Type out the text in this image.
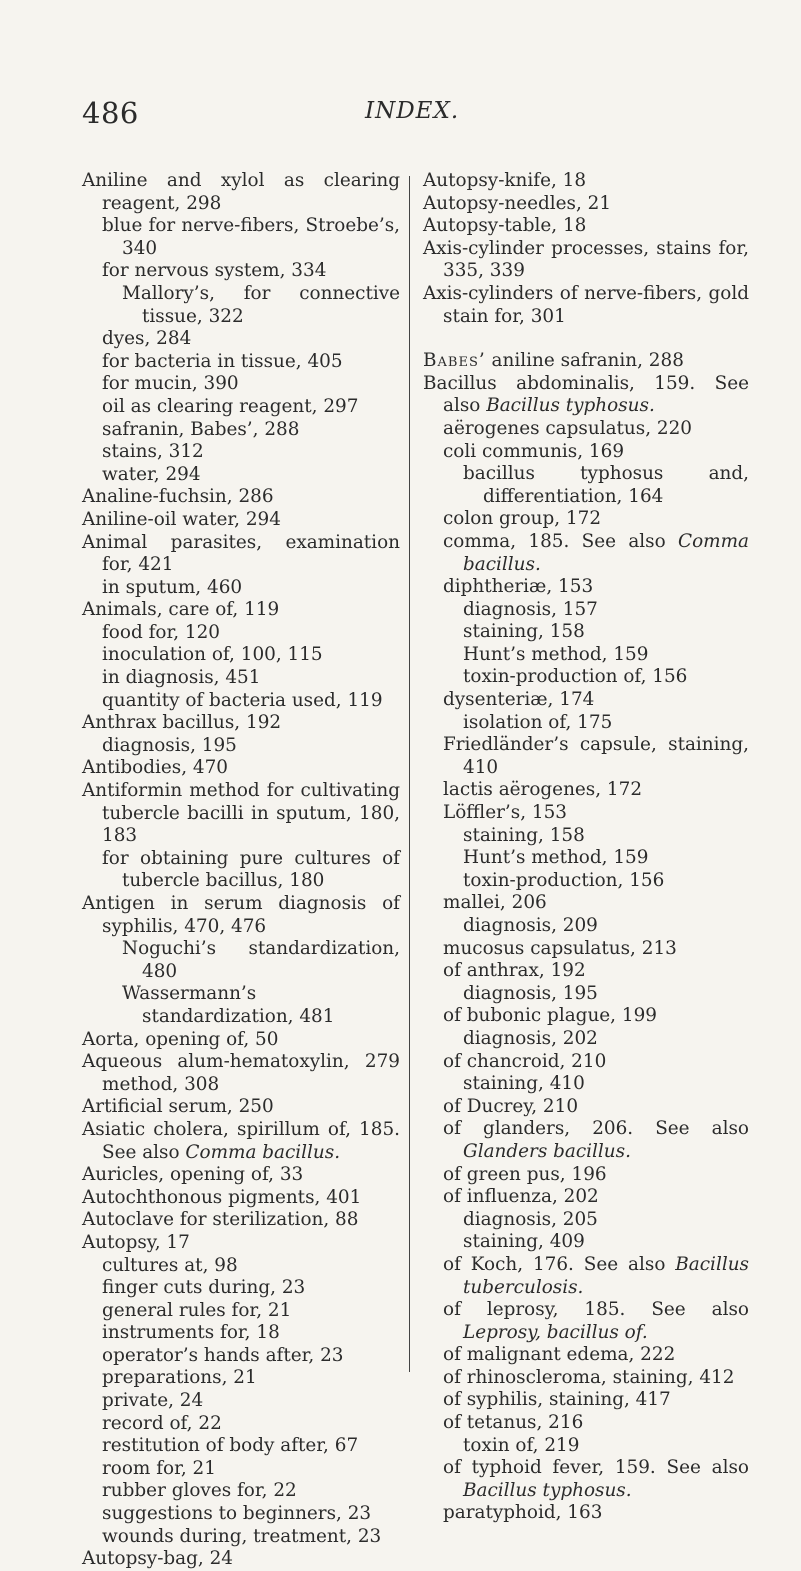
486	INDEX.
Aniline and xylol as clearing reagent, 298
blue for nerve-fibers, Stroebe’s, 340
for nervous system, 334
Mallory’s, for connective tissue, 322
dyes, 284
for bacteria in tissue, 405
for mucin, 390
oil as clearing reagent, 297
safranin, Babes’, 288
stains, 312
water, 294
Analine-fuchsin, 286
Aniline-oil water, 294
Animal parasites, examination for, 421
in sputum, 460
Animals, care of, 119
food for, 120
inoculation of, 100, 115
in diagnosis, 451
quantity of bacteria used, 119
Anthrax bacillus, 192
diagnosis, 195
Antibodies, 470
Antiformin method for cultivating tubercle bacilli in sputum, 180, 183
for obtaining pure cultures of tubercle bacillus, 180
Antigen in serum diagnosis of syphilis, 470, 476
Noguchi’s standardization, 480
Wassermann’s standardization, 481
Aorta, opening of, 50
Aqueous alum-hematoxylin, 279 method, 308
Artificial serum, 250
Asiatic cholera, spirillum of, 185. See also Comma bacillus.
Auricles, opening of, 33
Autochthonous pigments, 401
Autoclave for sterilization, 88
Autopsy, 17
cultures at, 98
finger cuts during, 23
general rules for, 21
instruments for, 18
operator’s hands after, 23
preparations, 21
private, 24
record of, 22
restitution of body after, 67
room for, 21
rubber gloves for, 22
suggestions to beginners, 23
wounds during, treatment, 23
Autopsy-bag, 24
Autopsy-knife, 18
Autopsy-needles, 21
Autopsy-table, 18
Axis-cylinder processes, stains for, 335, 339
Axis-cylinders of nerve-fibers, gold stain for, 301
Babes’ aniline safranin, 288
Bacillus abdominalis, 159. See also Bacillus typhosus.
aërogenes capsulatus, 220
coli communis, 169
bacillus typhosus and, differentiation, 164
colon group, 172
comma, 185. See also Comma bacillus.
diphtheriæ, 153
diagnosis, 157
staining, 158
Hunt’s method, 159
toxin-production of, 156
dysenteriæ, 174
isolation of, 175
Friedländer’s capsule, staining, 410
lactis aërogenes, 172
Löffler’s, 153
staining, 158
Hunt’s method, 159
toxin-production, 156
mallei, 206
diagnosis, 209
mucosus capsulatus, 213
of anthrax, 192
diagnosis, 195
of bubonic plague, 199
diagnosis, 202
of chancroid, 210
staining, 410
of Ducrey, 210
of glanders, 206. See also Glanders bacillus.
of green pus, 196
of influenza, 202
diagnosis, 205
staining, 409
of Koch, 176. See also Bacillus tuberculosis.
of leprosy, 185. See also Leprosy, bacillus of.
of malignant edema, 222
of rhinoscleroma, staining, 412
of syphilis, staining, 417
of tetanus, 216
toxin of, 219
of typhoid fever, 159. See also Bacillus typhosus.
paratyphoid, 163
